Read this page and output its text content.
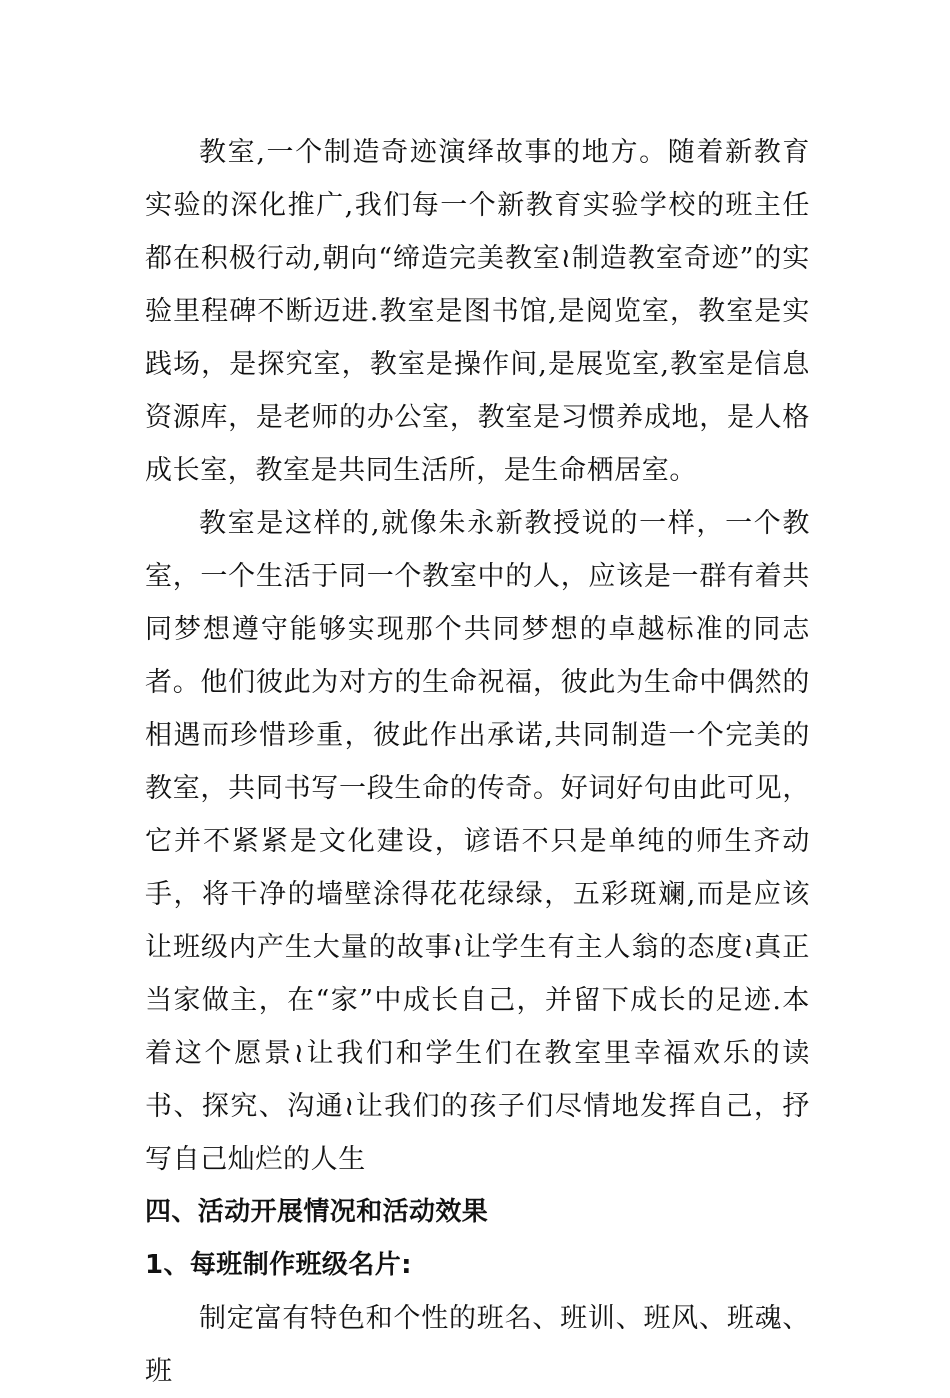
教室,一个制造奇迹演绎故事的地方。随着新教育实验的深化推广,我们每一个新教育实验学校的班主任都在积极行动,朝向“缔造完美教室≀制造教室奇迹”的实验里程碑不断迈进.教室是图书馆,是阅览室，教室是实践场，是探究室，教室是操作间,是展览室,教室是信息资源库，是老师的办公室，教室是习惯养成地，是人格成长室，教室是共同生活所，是生命栖居室。

教室是这样的,就像朱永新教授说的一样，一个教室，一个生活于同一个教室中的人，应该是一群有着共同梦想遵守能够实现那个共同梦想的卓越标准的同志者。他们彼此为对方的生命祝福，彼此为生命中偶然的相遇而珍惜珍重，彼此作出承诺,共同制造一个完美的教室，共同书写一段生命的传奇。好词好句由此可见，它并不紧紧是文化建设，谚语不只是单纯的师生齐动手，将干净的墙壁涂得花花绿绿，五彩斑斓,而是应该让班级内产生大量的故事≀让学生有主人翁的态度≀真正当家做主，在“家”中成长自己，并留下成长的足迹.本着这个愿景≀让我们和学生们在教室里幸福欢乐的读书、探究、沟通≀让我们的孩子们尽情地发挥自己，抒写自己灿烂的人生

四、活动开展情况和活动效果

1、每班制作班级名片:

制定富有特色和个性的班名、班训、班风、班魂、班
